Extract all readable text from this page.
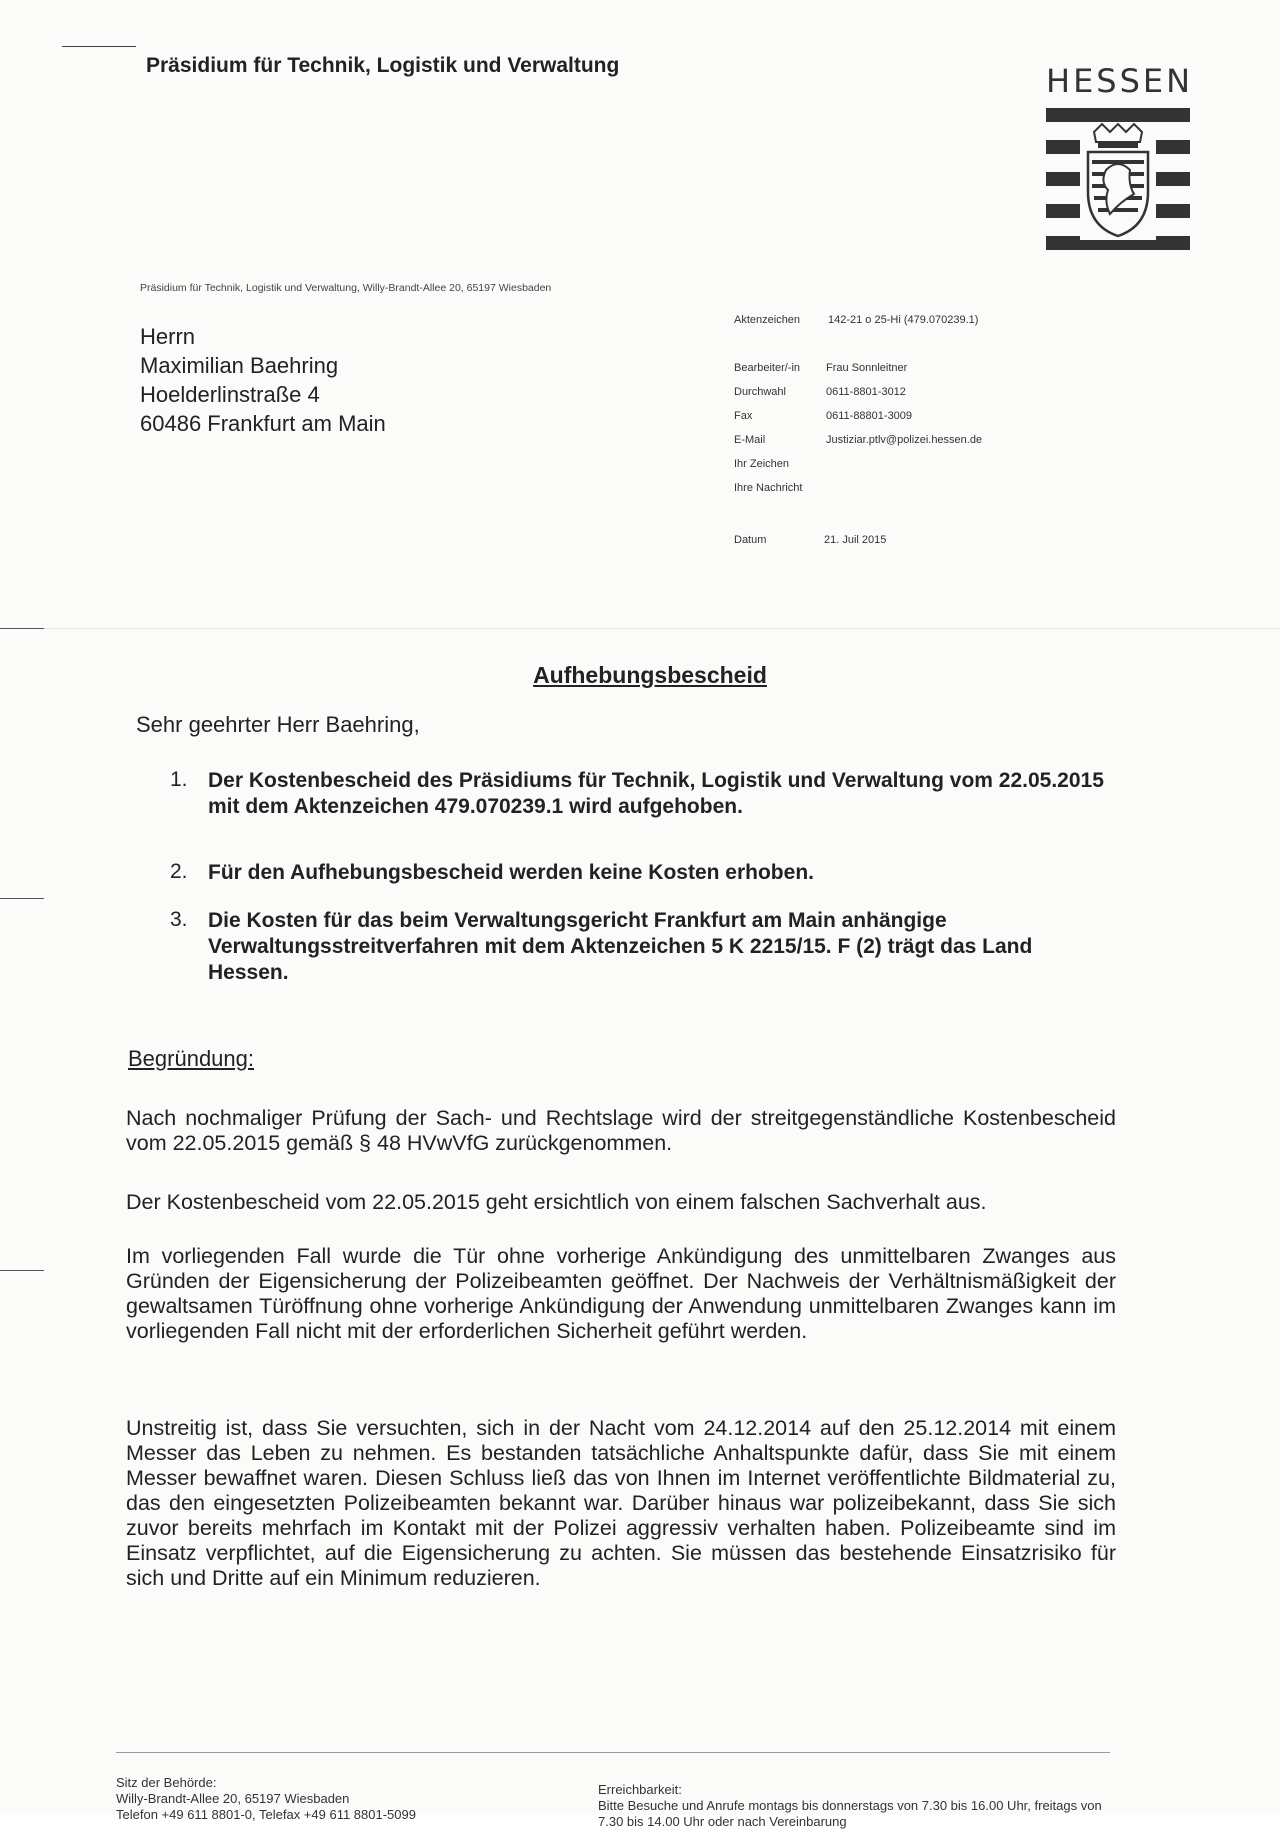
Präsidium für Technik, Logistik und Verwaltung	HESSEN
Präsidium für Technik, Logistik und Verwaltung, Willy-Brandt-Allee 20, 65197 Wiesbaden
Herrn
Maximilian Baehring
Hoelderlinstraße 4
60486 Frankfurt am Main
Aktenzeichen	142-21 o 25-Hi (479.070239.1)
Bearbeiter/-in Frau Sonnleitner
Durchwahl	0611-8801-3012
Fax	0611-88801-3009
E-Mail	Justiziar.ptlv@polizei.hessen.de
Ihr Zeichen
Ihre Nachricht
Datum	21. Juil 2015
Aufhebungsbescheid
Sehr geehrter Herr Baehring,
1. Der Kostenbescheid des Präsidiums für Technik, Logistik und Verwaltung vom 22.05.2015 mit dem Aktenzeichen 479.070239.1 wird aufgehoben.
2. Für den Aufhebungsbescheid werden keine Kosten erhoben.
3. Die Kosten für das beim Verwaltungsgericht Frankfurt am Main anhängige Verwaltungsstreitverfahren mit dem Aktenzeichen 5 K 2215/15. F (2) trägt das Land Hessen.
Begründung:
Nach nochmaliger Prüfung der Sach- und Rechtslage wird der streitgegenständliche Kostenbescheid vom 22.05.2015 gemäß § 48 HVwVfG zurückgenommen.
Der Kostenbescheid vom 22.05.2015 geht ersichtlich von einem falschen Sachverhalt aus.
Im vorliegenden Fall wurde die Tür ohne vorherige Ankündigung des unmittelbaren Zwanges aus Gründen der Eigensicherung der Polizeibeamten geöffnet. Der Nachweis der Verhältnismäßigkeit der gewaltsamen Türöffnung ohne vorherige Ankündigung der Anwendung unmittelbaren Zwanges kann im vorliegenden Fall nicht mit der erforderlichen Sicherheit geführt werden.
Unstreitig ist, dass Sie versuchten, sich in der Nacht vom 24.12.2014 auf den 25.12.2014 mit einem Messer das Leben zu nehmen. Es bestanden tatsächliche Anhaltspunkte dafür, dass Sie mit einem Messer bewaffnet waren. Diesen Schluss ließ das von Ihnen im Internet veröffentlichte Bildmaterial zu, das den eingesetzten Polizeibeamten bekannt war. Darüber hinaus war polizeibekannt, dass Sie sich zuvor bereits mehrfach im Kontakt mit der Polizei aggressiv verhalten haben. Polizeibeamte sind im Einsatz verpflichtet, auf die Eigensicherung zu achten. Sie müssen das bestehende Einsatzrisiko für sich und Dritte auf ein Minimum reduzieren.
Sitz der Behörde:
Willy-Brandt-Allee 20, 65197 Wiesbaden
Telefon +49 611 8801-0, Telefax +49 611 8801-5099
Erreichbarkeit:
Bitte Besuche und Anrufe montags bis donnerstags von 7.30 bis 16.00 Uhr, freitags von 7.30 bis 14.00 Uhr oder nach Vereinbarung
